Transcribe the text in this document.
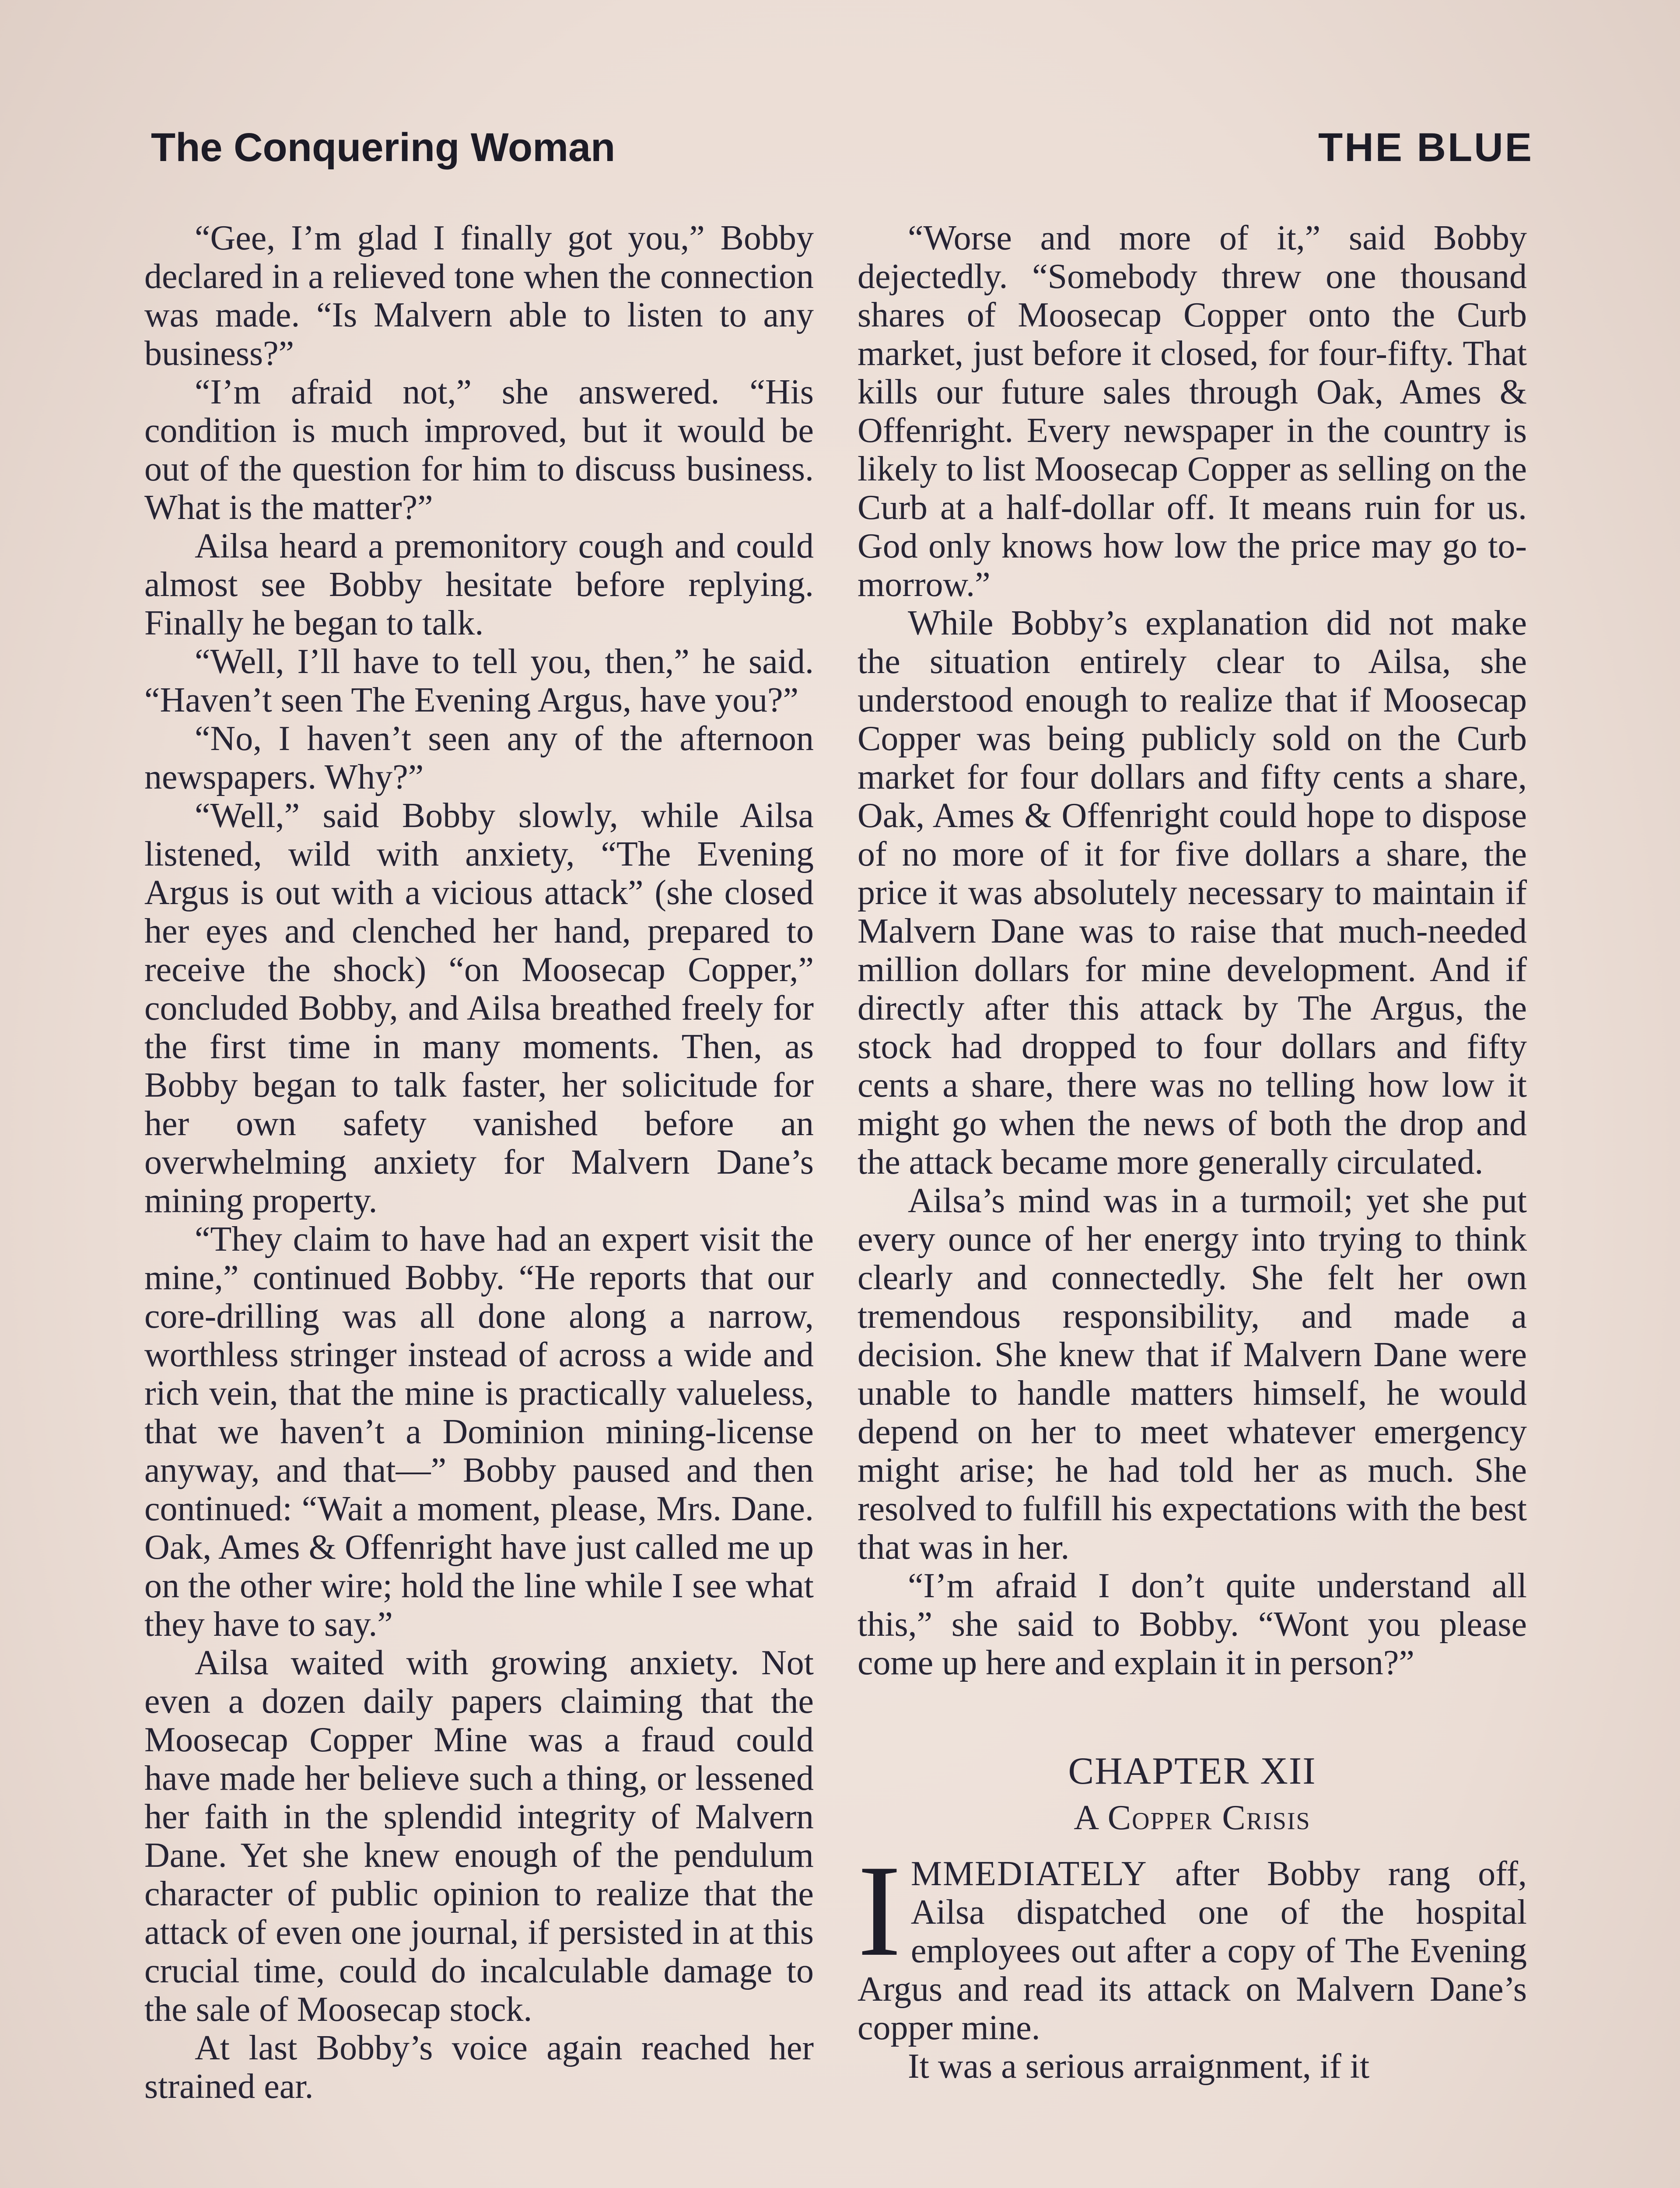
The Conquering Woman	THE BLUE

“Gee, I’m glad I finally got you,” Bobby declared in a relieved tone when the connection was made. “Is Malvern able to listen to any business?”

“I’m afraid not,” she answered. “His condition is much improved, but it would be out of the question for him to discuss business. What is the matter?”

Ailsa heard a premonitory cough and could almost see Bobby hesitate before replying. Finally he began to talk.

“Well, I’ll have to tell you, then,” he said. “Haven’t seen The Evening Argus, have you?”

“No, I haven’t seen any of the afternoon newspapers. Why?”

“Well,” said Bobby slowly, while Ailsa listened, wild with anxiety, “The Evening Argus is out with a vicious attack” (she closed her eyes and clenched her hand, prepared to receive the shock) “on Moosecap Copper,” concluded Bobby, and Ailsa breathed freely for the first time in many moments. Then, as Bobby began to talk faster, her solicitude for her own safety vanished before an overwhelming anxiety for Malvern Dane’s mining property.

“They claim to have had an expert visit the mine,” continued Bobby. “He reports that our core-drilling was all done along a narrow, worthless stringer instead of across a wide and rich vein, that the mine is practically valueless, that we haven’t a Dominion mining-license anyway, and that—” Bobby paused and then continued: “Wait a moment, please, Mrs. Dane. Oak, Ames & Offenright have just called me up on the other wire; hold the line while I see what they have to say.”

Ailsa waited with growing anxiety. Not even a dozen daily papers claiming that the Moosecap Copper Mine was a fraud could have made her believe such a thing, or lessened her faith in the splendid integrity of Malvern Dane. Yet she knew enough of the pendulum character of public opinion to realize that the attack of even one journal, if persisted in at this crucial time, could do incalculable damage to the sale of Moosecap stock.

At last Bobby’s voice again reached her strained ear.

“Worse and more of it,” said Bobby dejectedly. “Somebody threw one thousand shares of Moosecap Copper onto the Curb market, just before it closed, for four-fifty. That kills our future sales through Oak, Ames & Offenright. Every newspaper in the country is likely to list Moosecap Copper as selling on the Curb at a half-dollar off. It means ruin for us. God only knows how low the price may go to-morrow.”

While Bobby’s explanation did not make the situation entirely clear to Ailsa, she understood enough to realize that if Moosecap Copper was being publicly sold on the Curb market for four dollars and fifty cents a share, Oak, Ames & Offenright could hope to dispose of no more of it for five dollars a share, the price it was absolutely necessary to maintain if Malvern Dane was to raise that much-needed million dollars for mine development. And if directly after this attack by The Argus, the stock had dropped to four dollars and fifty cents a share, there was no telling how low it might go when the news of both the drop and the attack became more generally circulated.

Ailsa’s mind was in a turmoil; yet she put every ounce of her energy into trying to think clearly and connectedly. She felt her own tremendous responsibility, and made a decision. She knew that if Malvern Dane were unable to handle matters himself, he would depend on her to meet whatever emergency might arise; he had told her as much. She resolved to fulfill his expectations with the best that was in her.

“I’m afraid I don’t quite understand all this,” she said to Bobby. “Wont you please come up here and explain it in person?”

CHAPTER XII
A Copper Crisis

IMMEDIATELY after Bobby rang off, Ailsa dispatched one of the hospital employees out after a copy of The Evening Argus and read its attack on Malvern Dane’s copper mine.

It was a serious arraignment, if it
